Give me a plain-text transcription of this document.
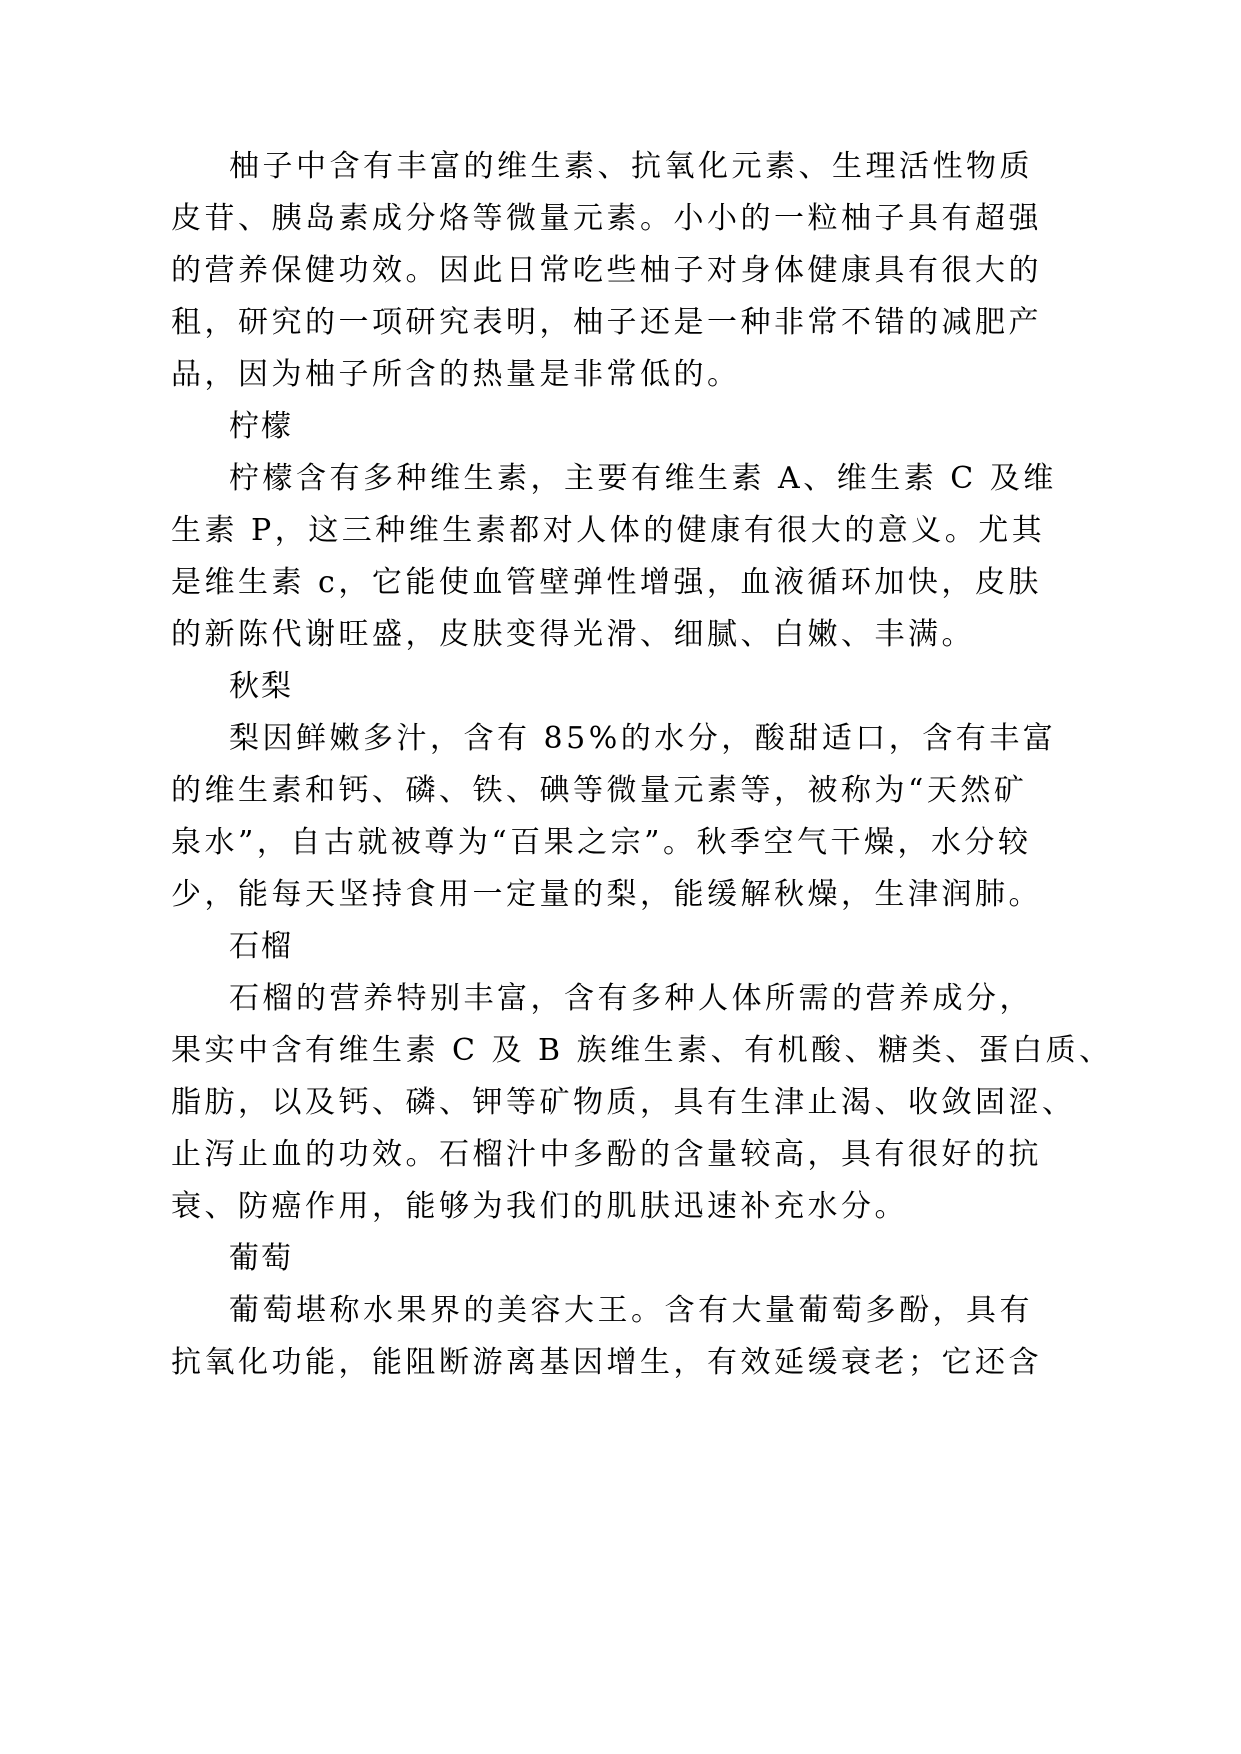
柚子中含有丰富的维生素、抗氧化元素、生理活性物质
皮苷、胰岛素成分烙等微量元素。小小的一粒柚子具有超强
的营养保健功效。因此日常吃些柚子对身体健康具有很大的
租，研究的一项研究表明，柚子还是一种非常不错的减肥产
品，因为柚子所含的热量是非常低的。
柠檬
柠檬含有多种维生素，主要有维生素 A、维生素 C 及维
生素 P，这三种维生素都对人体的健康有很大的意义。尤其
是维生素 c，它能使血管壁弹性增强，血液循环加快，皮肤
的新陈代谢旺盛，皮肤变得光滑、细腻、白嫩、丰满。
秋梨
梨因鲜嫩多汁，含有 85%的水分，酸甜适口，含有丰富
的维生素和钙、磷、铁、碘等微量元素等，被称为“天然矿
泉水”，自古就被尊为“百果之宗”。秋季空气干燥，水分较
少，能每天坚持食用一定量的梨，能缓解秋燥，生津润肺。
石榴
石榴的营养特别丰富，含有多种人体所需的营养成分，
果实中含有维生素 C 及 B 族维生素、有机酸、糖类、蛋白质、
脂肪，以及钙、磷、钾等矿物质，具有生津止渴、收敛固涩、
止泻止血的功效。石榴汁中多酚的含量较高，具有很好的抗
衰、防癌作用，能够为我们的肌肤迅速补充水分。
葡萄
葡萄堪称水果界的美容大王。含有大量葡萄多酚，具有
抗氧化功能，能阻断游离基因增生，有效延缓衰老；它还含
